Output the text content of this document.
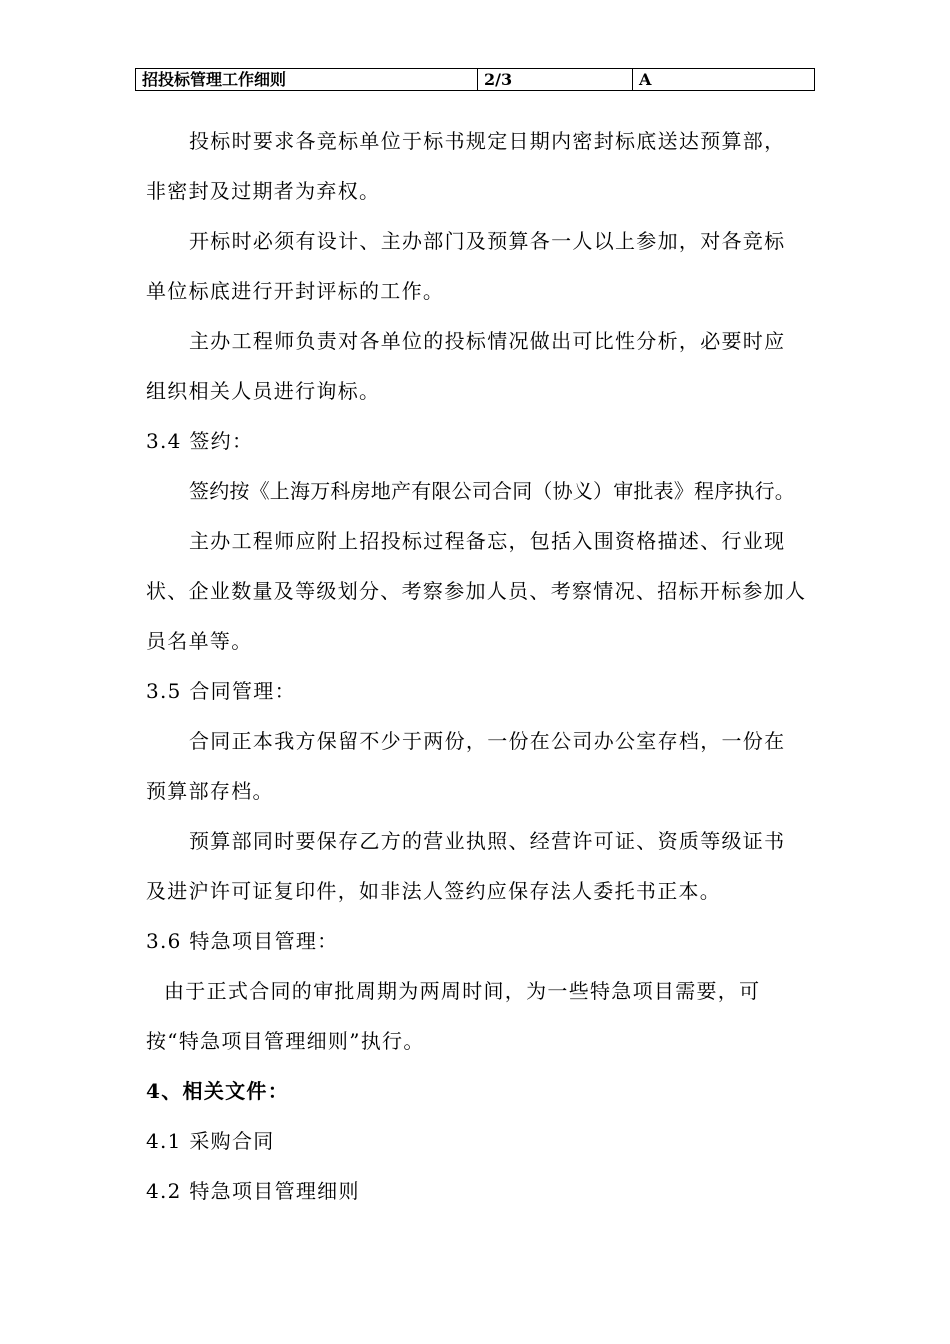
招投标管理工作细则	2/3	A
投标时要求各竞标单位于标书规定日期内密封标底送达预算部，
非密封及过期者为弃权。
开标时必须有设计、主办部门及预算各一人以上参加，对各竞标
单位标底进行开封评标的工作。
主办工程师负责对各单位的投标情况做出可比性分析，必要时应
组织相关人员进行询标。
3.4 签约：
签约按《上海万科房地产有限公司合同（协义）审批表》程序执行。
主办工程师应附上招投标过程备忘，包括入围资格描述、行业现
状、企业数量及等级划分、考察参加人员、考察情况、招标开标参加人
员名单等。
3.5 合同管理：
合同正本我方保留不少于两份，一份在公司办公室存档，一份在
预算部存档。
预算部同时要保存乙方的营业执照、经营许可证、资质等级证书
及进沪许可证复印件，如非法人签约应保存法人委托书正本。
3.6 特急项目管理：
由于正式合同的审批周期为两周时间，为一些特急项目需要，可
按“特急项目管理细则”执行。
4、相关文件：
4.1 采购合同
4.2 特急项目管理细则
